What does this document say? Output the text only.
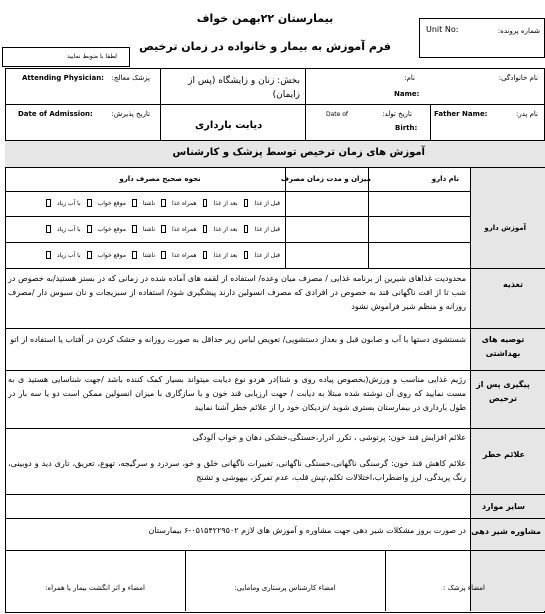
بیمارستان ۲۲بهمن خواف
فرم آموزش به بیمار و خانواده در زمان ترخیص
Unit No:	شماره پرونده:
لطفا با ضوبط نمایید
نام خانوادگی:
نام:
Name:
بخش: زنان و زایشگاه (پس از زایمان)
پزشک معالج:
Attending Physician:
نام پدر:
Father Name:
تاریخ تولد:
Birth:
Date of
دیابت بارداری
تاریخ پذیرش:
Date of Admission:
آموزش های زمان ترخیص توسط پزشک و کارشناس
نام دارو
میزان و مدت زمان مصرف
نحوه صحیح مصرف دارو
آموزش دارو
قبل از غذا
بعد از غذا
همراه غذا
ناشتا
موقع خواب
با آب زیاد
قبل از غذا
بعد از غذا
همراه غذا
ناشتا
موقع خواب
با آب زیاد
قبل از غذا
بعد از غذا
همراه غذا
ناشتا
موقع خواب
با آب زیاد
تغذیه
محدودیت غذاهای شیرین از برنامه غذایی / مصرف میان وعده/ استفاده از لقمه های آماده شده در زمانی که در بستر هستید/به خصوص در شب تا از افت ناگهانی قند به خصوص در افرادی که مصرف انسولین دارند پیشگیری شود/ استفاده از سبزیجات و نان سبوس دار /مصرف روزانه و منظم شیر فراموش نشود
توصیه های بهداشتی
شستشوی دستها با آب و صابون قبل و بعداز دستشویی/ تعویض لباس زیر حداقل به صورت روزانه و خشک کردن در آفتاب یا استفاده از اتو
پیگیری پس از ترخیص
رژیم غذایی مناسب و ورزش(بخصوص پیاده روی و شنا)در هردو نوع دیابت میتواند بسیار کمک کننده باشد /جهت شناسایی هستید ی به مست نمایید که روی آن نوشته شده مبتلا به دیابت / جهت ارزیابی قند خون و یا سازگاری با میزان انسولین ممکن است دو یا سه بار در طول بارداری در بیمارستان بستری شوید /نزدیکان خود را از علائم خطر آشنا نمایید
علائم خطر
علائم افزایش قند خون: پرنوشی ، تکرر ادرار،خستگی،خشکی دهان و خواب آلودگی
علائم کاهش قند خون: گرسنگی ناگهانی،خستگی ناگهانی، تغییرات ناگهانی خلق و خو، سردرد و سرگیجه، تهوع، تعریق، تاری دید و دوبینی، رنگ پریدگی، لرز واضطراب،اختلالات تکلم،تپش قلب، عدم تمرکز، بیهوشی و تشنج
سایر موارد
مشاوره شیر دهی
در صورت بروز مشکلات شیر دهی جهت مشاوره و آموزش های لازم ۰۵۱۵۴۲۲۹۵۰۲-۶ بیمارستان
امضاء پزشک :
امضاء کارشناس پرستاری ومامایی:
امضاء و اثر انگشت بیمار یا همراه:
